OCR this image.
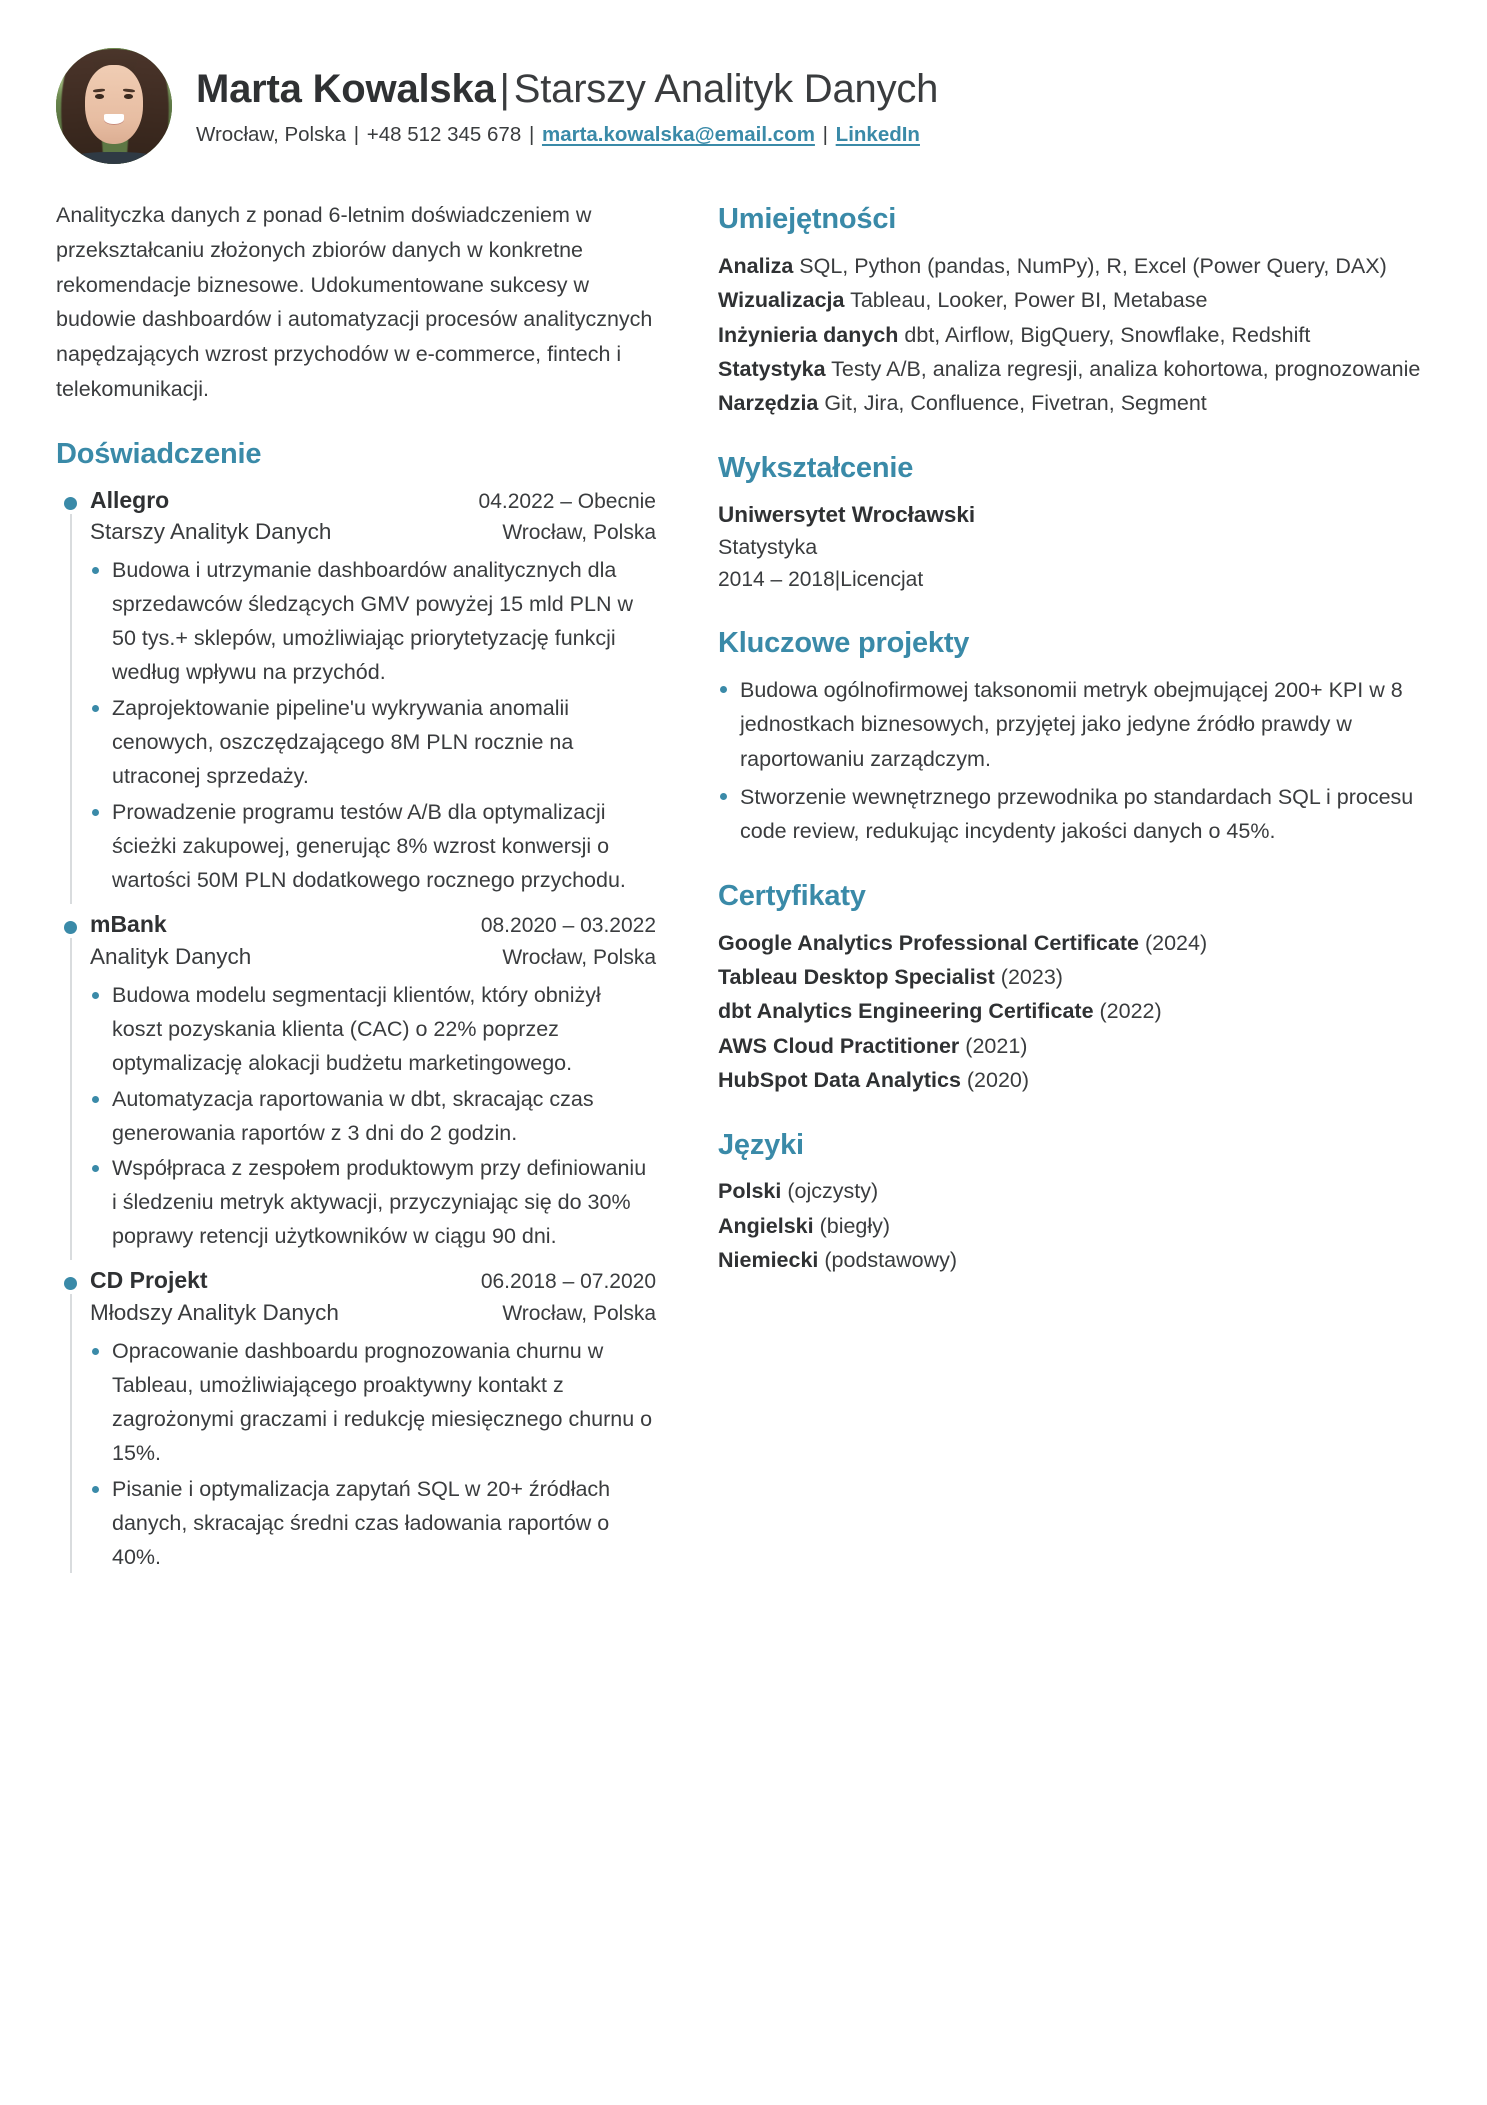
Marta Kowalska | Starszy Analityk Danych
Wrocław, Polska | +48 512 345 678 | marta.kowalska@email.com | LinkedIn

Analityczka danych z ponad 6-letnim doświadczeniem w przekształcaniu złożonych zbiorów danych w konkretne rekomendacje biznesowe. Udokumentowane sukcesy w budowie dashboardów i automatyzacji procesów analitycznych napędzających wzrost przychodów w e-commerce, fintech i telekomunikacji.

Doświadczenie
Allegro	04.2022 – Obecnie
Starszy Analityk Danych	Wrocław, Polska
Budowa i utrzymanie dashboardów analitycznych dla sprzedawców śledzących GMV powyżej 15 mld PLN w 50 tys.+ sklepów, umożliwiając priorytetyzację funkcji według wpływu na przychód.
Zaprojektowanie pipeline'u wykrywania anomalii cenowych, oszczędzającego 8M PLN rocznie na utraconej sprzedaży.
Prowadzenie programu testów A/B dla optymalizacji ścieżki zakupowej, generując 8% wzrost konwersji o wartości 50M PLN dodatkowego rocznego przychodu.
mBank	08.2020 – 03.2022
Analityk Danych	Wrocław, Polska
Budowa modelu segmentacji klientów, który obniżył koszt pozyskania klienta (CAC) o 22% poprzez optymalizację alokacji budżetu marketingowego.
Automatyzacja raportowania w dbt, skracając czas generowania raportów z 3 dni do 2 godzin.
Współpraca z zespołem produktowym przy definiowaniu i śledzeniu metryk aktywacji, przyczyniając się do 30% poprawy retencji użytkowników w ciągu 90 dni.
CD Projekt	06.2018 – 07.2020
Młodszy Analityk Danych	Wrocław, Polska
Opracowanie dashboardu prognozowania churnu w Tableau, umożliwiającego proaktywny kontakt z zagrożonymi graczami i redukcję miesięcznego churnu o 15%.
Pisanie i optymalizacja zapytań SQL w 20+ źródłach danych, skracając średni czas ładowania raportów o 40%.
Umiejętności

Analiza SQL, Python (pandas, NumPy), R, Excel (Power Query, DAX)

Wizualizacja Tableau, Looker, Power BI, Metabase

Inżynieria danych dbt, Airflow, BigQuery, Snowflake, Redshift

Statystyka Testy A/B, analiza regresji, analiza kohortowa, prognozowanie

Narzędzia Git, Jira, Confluence, Fivetran, Segment

Wykształcenie
Uniwersytet Wrocławski
Statystyka
2014 – 2018|Licencjat
Kluczowe projekty
Budowa ogólnofirmowej taksonomii metryk obejmującej 200+ KPI w 8 jednostkach biznesowych, przyjętej jako jedyne źródło prawdy w raportowaniu zarządczym.
Stworzenie wewnętrznego przewodnika po standardach SQL i procesu code review, redukując incydenty jakości danych o 45%.
Certyfikaty

Google Analytics Professional Certificate (2024)

Tableau Desktop Specialist (2023)

dbt Analytics Engineering Certificate (2022)

AWS Cloud Practitioner (2021)

HubSpot Data Analytics (2020)

Języki

Polski (ojczysty)

Angielski (biegły)

Niemiecki (podstawowy)
